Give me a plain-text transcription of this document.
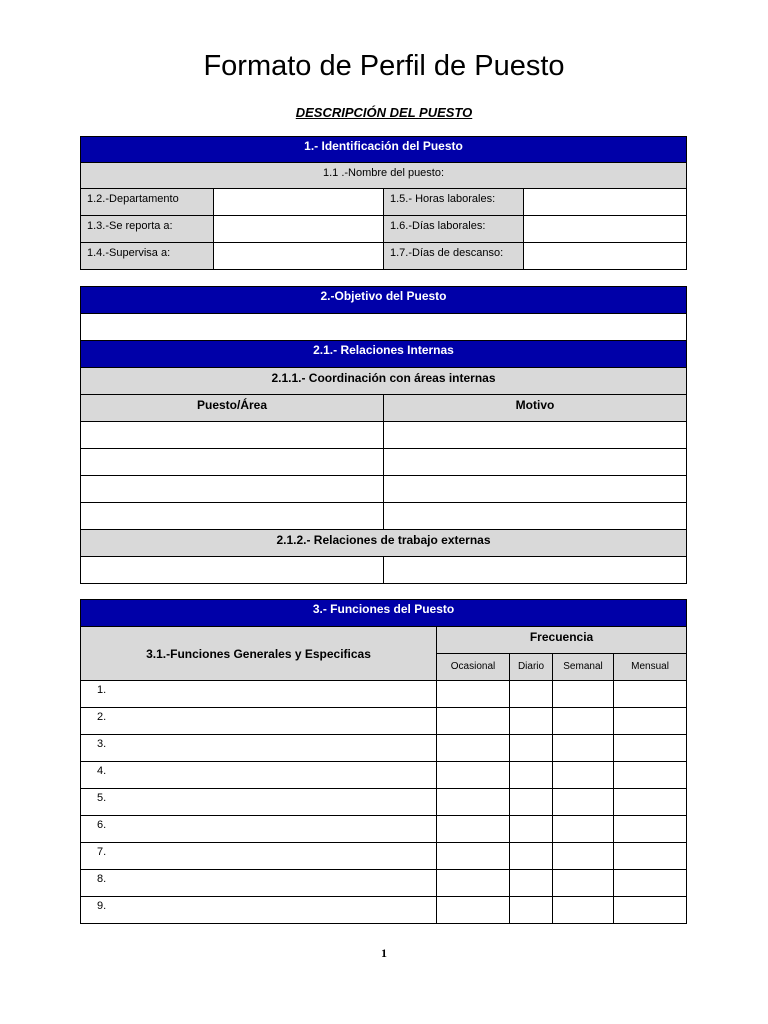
Formato de Perfil de Puesto
DESCRIPCIÓN DEL PUESTO
1.- Identificación del Puesto			
1.1 .-Nombre del puesto:			
1.2.-Departamento		1.5.- Horas laborales:	
1.3.-Se reporta a:		1.6.-Días laborales:	
1.4.-Supervisa a:		1.7.-Días de descanso:	
2.-Objetivo del Puesto	

2.1.- Relaciones Internas	
2.1.1.- Coordinación con áreas internas	
Puesto/Área	Motivo

2.1.2.- Relaciones de trabajo externas	

3.- Funciones del Puesto				
3.1.-Funciones Generales y Especificas	Frecuencia			
	Ocasional	Diario	Semanal	Mensual
1.				
2.				
3.				
4.				
5.				
6.				
7.				
8.				
9.				
1
